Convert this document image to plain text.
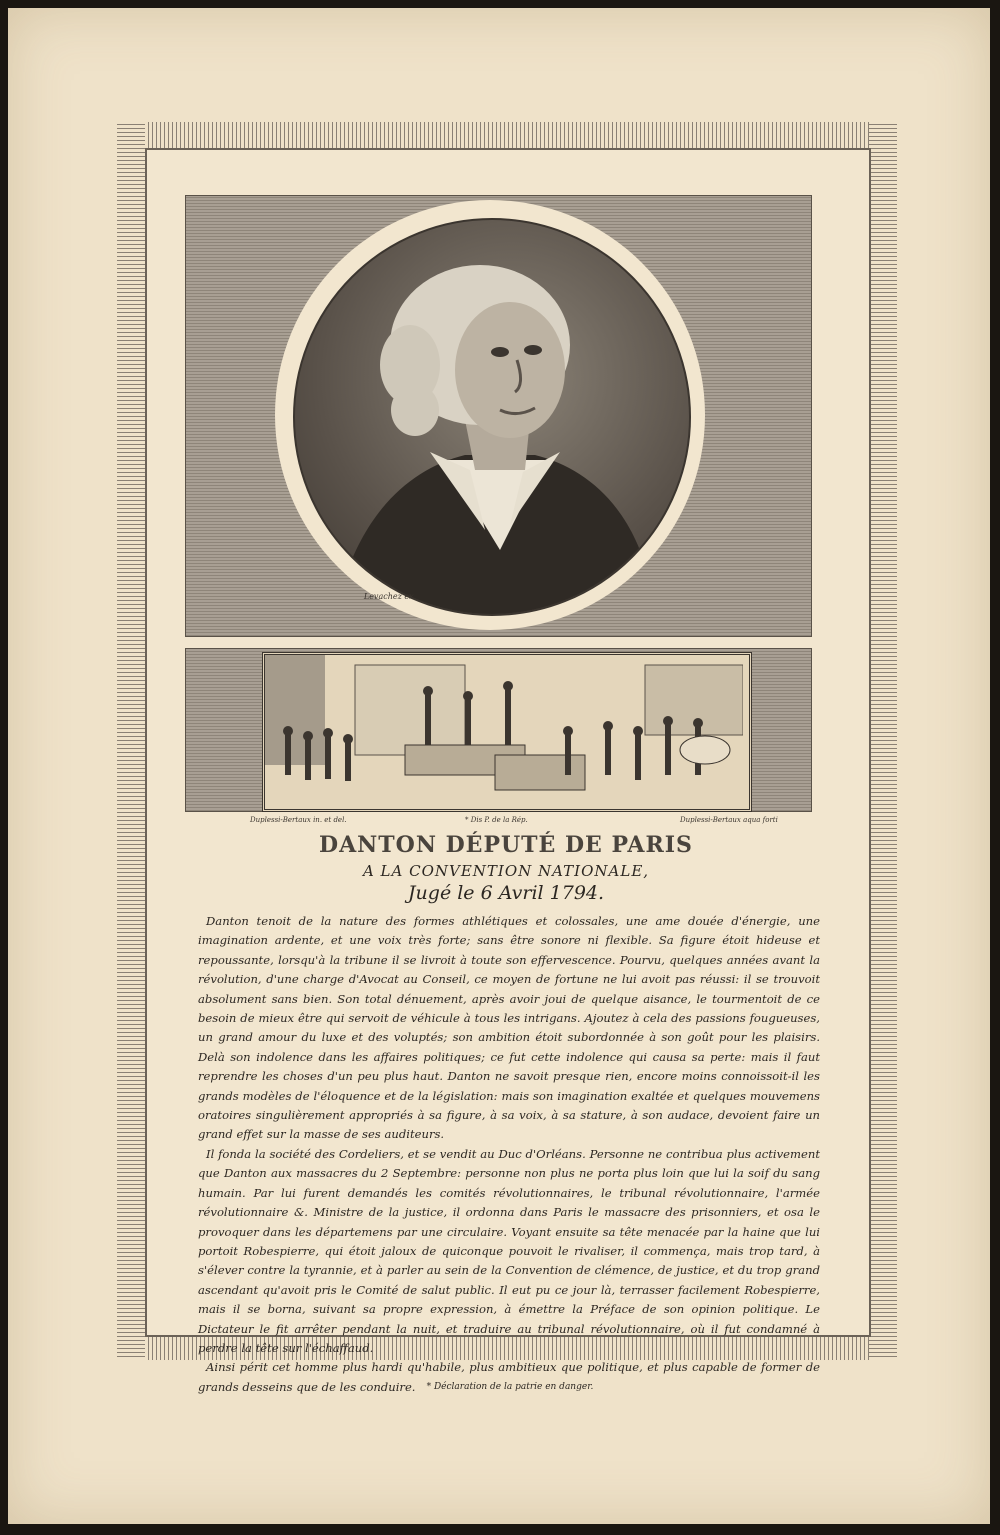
Levachez ex.
Duplessi-Bertaux in. et del.	* Dis P. de la Rép.	Duplessi-Bertaux aqua forti
DANTON DÉPUTÉ DE PARIS
A LA CONVENTION NATIONALE,
Jugé le 6 Avril 1794.

Danton tenoit de la nature des formes athlétiques et colossales, une ame douée d'énergie, une imagination ardente, et une voix très forte; sans être sonore ni flexible. Sa figure étoit hideuse et repoussante, lorsqu'à la tribune il se livroit à toute son effervescence. Pourvu, quelques années avant la révolution, d'une charge d'Avocat au Conseil, ce moyen de fortune ne lui avoit pas réussi: il se trouvoit absolument sans bien. Son total dénuement, après avoir joui de quelque aisance, le tourmentoit de ce besoin de mieux être qui servoit de véhicule à tous les intrigans. Ajoutez à cela des passions fougueuses, un grand amour du luxe et des voluptés; son ambition étoit subordonnée à son goût pour les plaisirs. Delà son indolence dans les affaires politiques; ce fut cette indolence qui causa sa perte: mais il faut reprendre les choses d'un peu plus haut. Danton ne savoit presque rien, encore moins connoissoit-il les grands modèles de l'éloquence et de la législation: mais son imagination exaltée et quelques mouvemens oratoires singulièrement appropriés à sa figure, à sa voix, à sa stature, à son audace, devoient faire un grand effet sur la masse de ses auditeurs.

Il fonda la société des Cordeliers, et se vendit au Duc d'Orléans. Personne ne contribua plus activement que Danton aux massacres du 2 Septembre: personne non plus ne porta plus loin que lui la soif du sang humain. Par lui furent demandés les comités révolutionnaires, le tribunal révolutionnaire, l'armée révolutionnaire &. Ministre de la justice, il ordonna dans Paris le massacre des prisonniers, et osa le provoquer dans les départemens par une circulaire. Voyant ensuite sa tête menacée par la haine que lui portoit Robespierre, qui étoit jaloux de quiconque pouvoit le rivaliser, il commença, mais trop tard, à s'élever contre la tyrannie, et à parler au sein de la Convention de clémence, de justice, et du trop grand ascendant qu'avoit pris le Comité de salut public. Il eut pu ce jour là, terrasser facilement Robespierre, mais il se borna, suivant sa propre expression, à émettre la Préface de son opinion politique. Le Dictateur le fit arrêter pendant la nuit, et traduire au tribunal révolutionnaire, où il fut condamné à perdre la tête sur l'échaffaud.

Ainsi périt cet homme plus hardi qu'habile, plus ambitieux que politique, et plus capable de former de grands desseins que de les conduire.	* Déclaration de la patrie en danger.
